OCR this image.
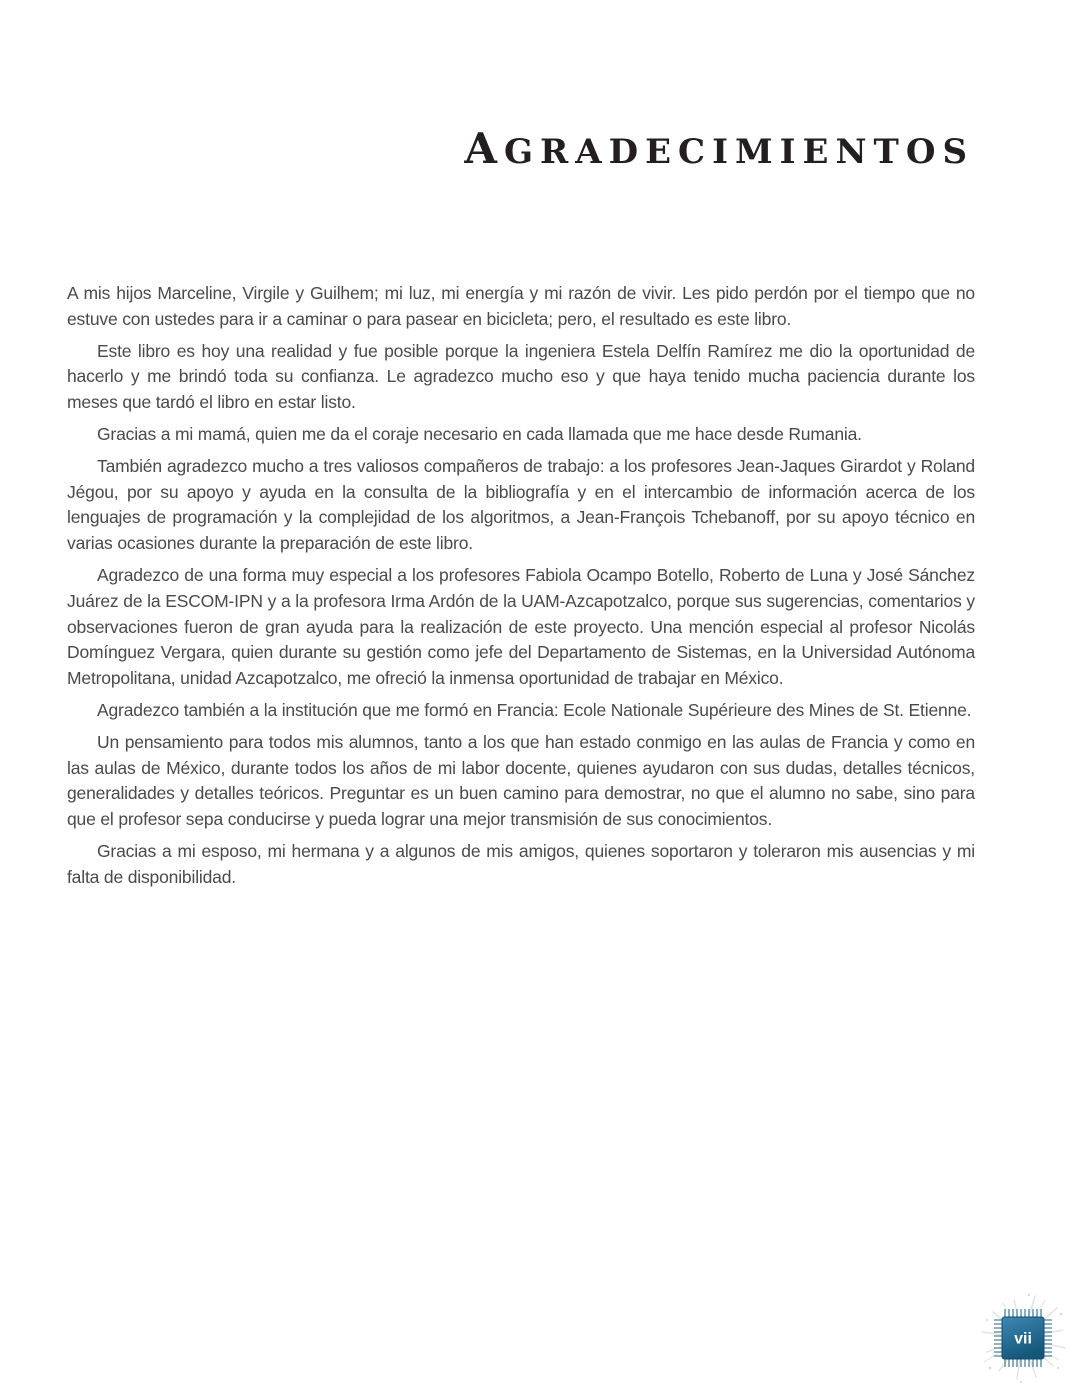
AGRADECIMIENTOS

A mis hijos Marceline, Virgile y Guilhem; mi luz, mi energía y mi razón de vivir. Les pido perdón por el tiempo que no estuve con ustedes para ir a caminar o para pasear en bicicleta; pero, el resultado es este libro.

Este libro es hoy una realidad y fue posible porque la ingeniera Estela Delfín Ramírez me dio la oportunidad de hacerlo y me brindó toda su confianza. Le agradezco mucho eso y que haya tenido mucha paciencia durante los meses que tardó el libro en estar listo.

Gracias a mi mamá, quien me da el coraje necesario en cada llamada que me hace desde Rumania.

También agradezco mucho a tres valiosos compañeros de trabajo: a los profesores Jean-Jaques Girardot y Roland Jégou, por su apoyo y ayuda en la consulta de la bibliografía y en el intercambio de información acerca de los lenguajes de programación y la complejidad de los algoritmos, a Jean-François Tchebanoff, por su apoyo técnico en varias ocasiones durante la preparación de este libro.

Agradezco de una forma muy especial a los profesores Fabiola Ocampo Botello, Roberto de Luna y José Sánchez Juárez de la ESCOM-IPN y a la profesora Irma Ardón de la UAM-Azcapotzalco, porque sus sugerencias, comentarios y observaciones fueron de gran ayuda para la realización de este proyecto. Una mención especial al profesor Nicolás Domínguez Vergara, quien durante su gestión como jefe del Departamento de Sistemas, en la Universidad Autónoma Metropolitana, unidad Azcapotzalco, me ofreció la inmensa oportunidad de trabajar en México.

Agradezco también a la institución que me formó en Francia: Ecole Nationale Supérieure des Mines de St. Etienne.

Un pensamiento para todos mis alumnos, tanto a los que han estado conmigo en las aulas de Francia y como en las aulas de México, durante todos los años de mi labor docente, quienes ayudaron con sus dudas, detalles técnicos, generalidades y detalles teóricos. Preguntar es un buen camino para demostrar, no que el alumno no sabe, sino para que el profesor sepa conducirse y pueda lograr una mejor transmisión de sus conocimientos.

Gracias a mi esposo, mi hermana y a algunos de mis amigos, quienes soportaron y toleraron mis ausencias y mi falta de disponibilidad.

vii
